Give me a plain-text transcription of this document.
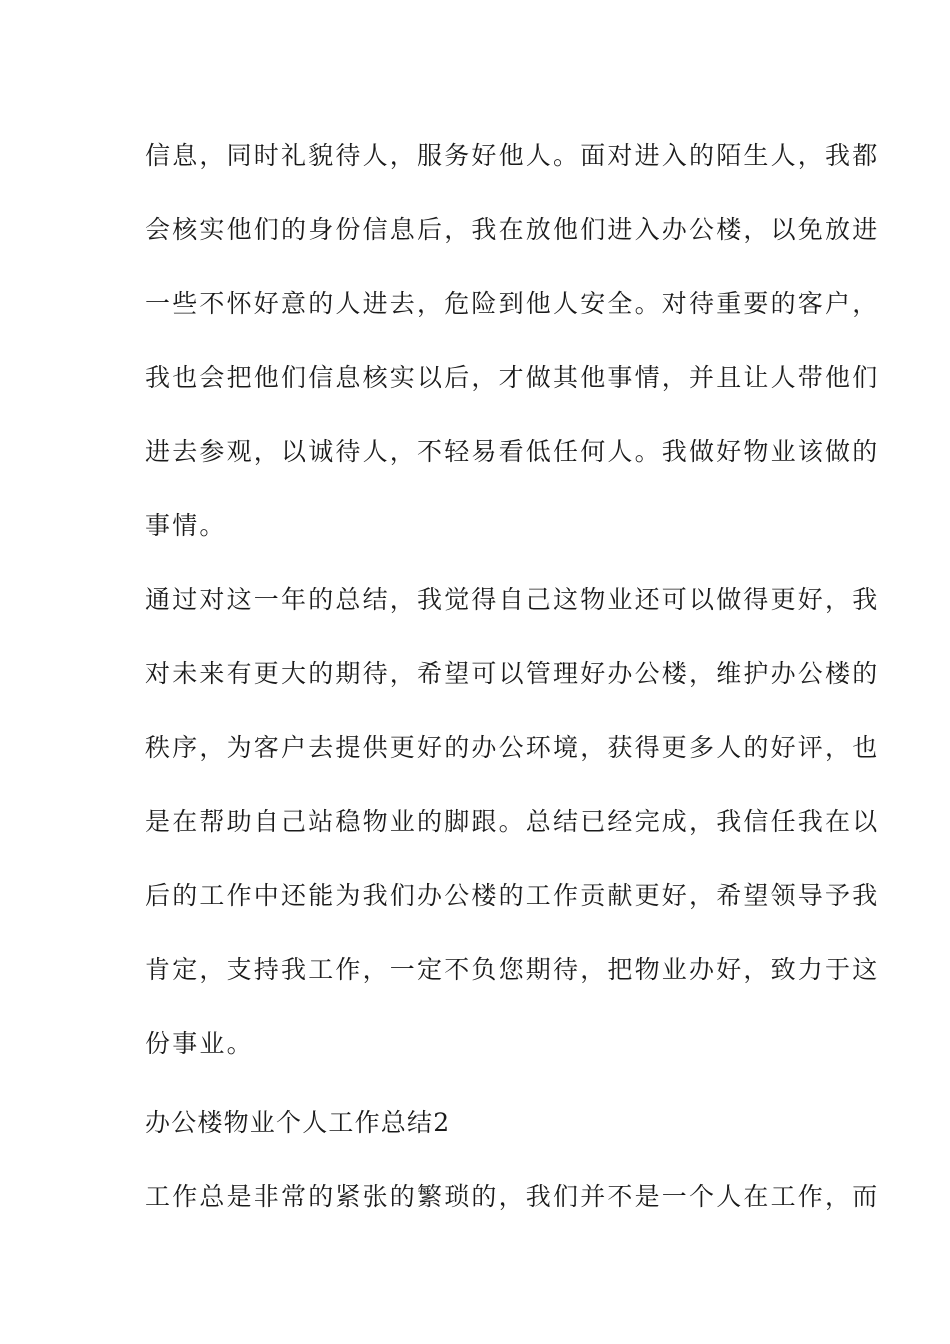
信息，同时礼貌待人，服务好他人。面对进入的陌生人，我都
会核实他们的身份信息后，我在放他们进入办公楼，以免放进
一些不怀好意的人进去，危险到他人安全。对待重要的客户，
我也会把他们信息核实以后，才做其他事情，并且让人带他们
进去参观，以诚待人，不轻易看低任何人。我做好物业该做的
事情。
通过对这一年的总结，我觉得自己这物业还可以做得更好，我
对未来有更大的期待，希望可以管理好办公楼，维护办公楼的
秩序，为客户去提供更好的办公环境，获得更多人的好评，也
是在帮助自己站稳物业的脚跟。总结已经完成，我信任我在以
后的工作中还能为我们办公楼的工作贡献更好，希望领导予我
肯定，支持我工作，一定不负您期待，把物业办好，致力于这
份事业。
办公楼物业个人工作总结2
工作总是非常的紧张的繁琐的，我们并不是一个人在工作，而
